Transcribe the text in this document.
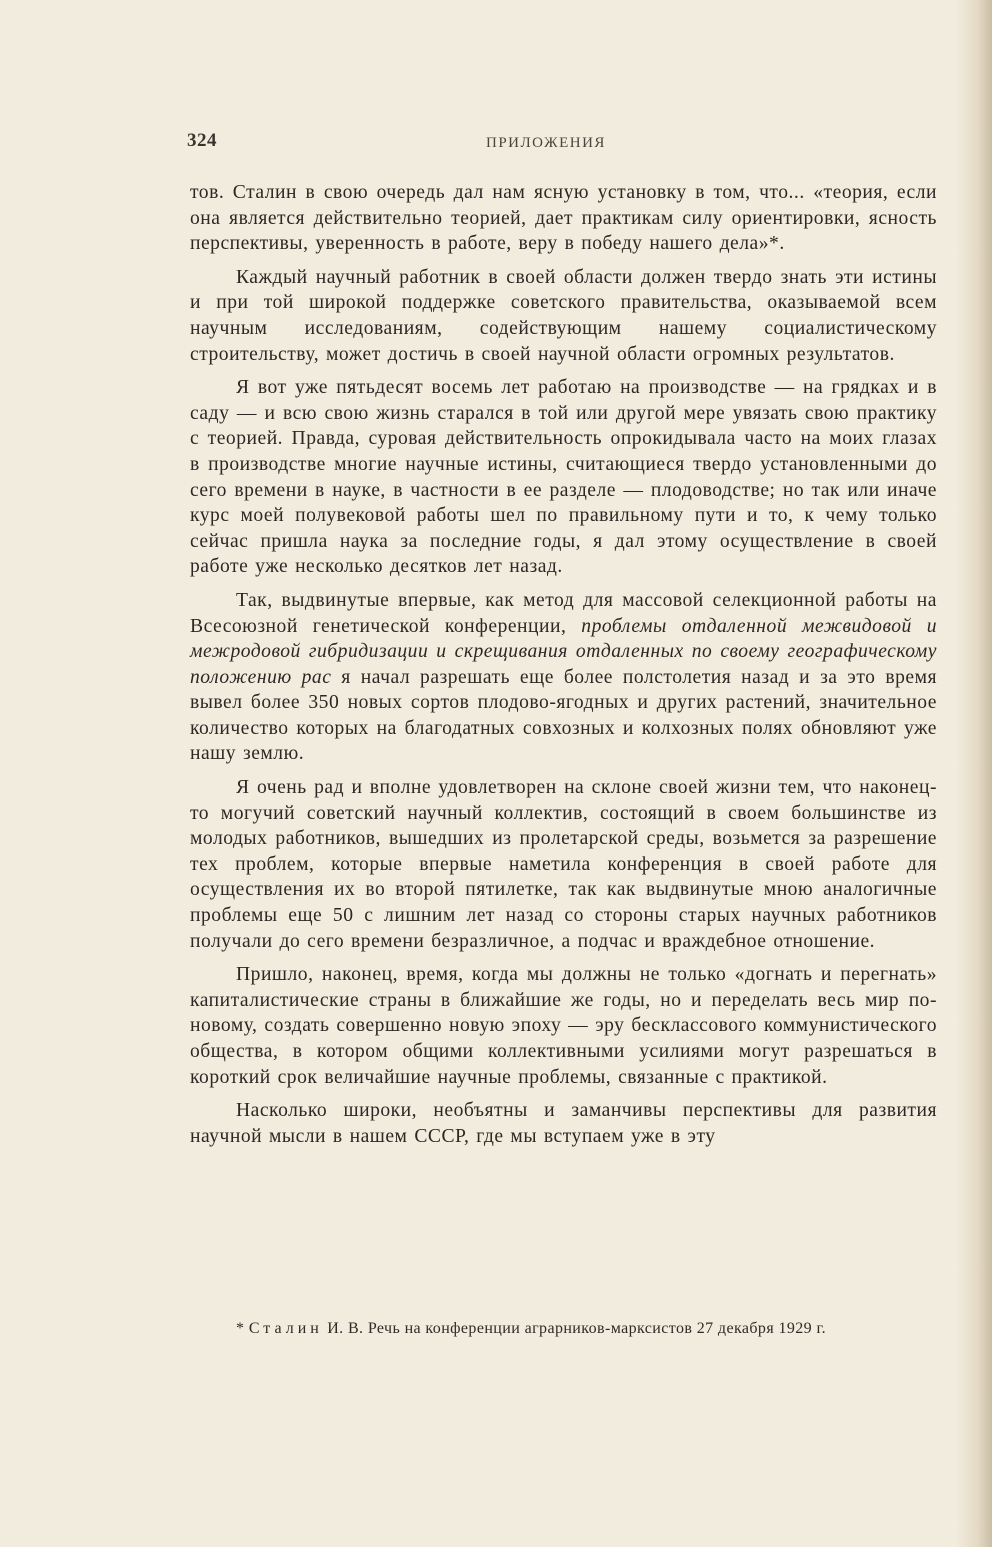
324	ПРИЛОЖЕНИЯ

тов. Сталин в свою очередь дал нам ясную установку в том, что... «теория, если она является действительно теорией, дает практикам силу ориентировки, ясность перспективы, уверенность в работе, веру в победу нашего дела»*.

Каждый научный работник в своей области должен твердо знать эти истины и при той широкой поддержке советского правительства, оказываемой всем научным исследованиям, содействующим нашему социалистическому строительству, может достичь в своей научной области огромных результатов.

Я вот уже пятьдесят восемь лет работаю на производстве — на грядках и в саду — и всю свою жизнь старался в той или другой мере увязать свою практику с теорией. Правда, суровая действительность опрокидывала часто на моих глазах в производстве многие научные истины, считающиеся твердо установленными до сего времени в науке, в частности в ее разделе — плодоводстве; но так или иначе курс моей полувековой работы шел по правильному пути и то, к чему только сейчас пришла наука за последние годы, я дал этому осуществление в своей работе уже несколько десятков лет назад.

Так, выдвинутые впервые, как метод для массовой селекционной работы на Всесоюзной генетической конференции, проблемы отдаленной межвидовой и межродовой гибридизации и скрещивания отдаленных по своему географическому положению рас я начал разрешать еще более полстолетия назад и за это время вывел более 350 новых сортов плодово-ягодных и других растений, значительное количество которых на благодатных совхозных и колхозных полях обновляют уже нашу землю.

Я очень рад и вполне удовлетворен на склоне своей жизни тем, что наконец-то могучий советский научный коллектив, состоящий в своем большинстве из молодых работников, вышедших из пролетарской среды, возьмется за разрешение тех проблем, которые впервые наметила конференция в своей работе для осуществления их во второй пятилетке, так как выдвинутые мною аналогичные проблемы еще 50 с лишним лет назад со стороны старых научных работников получали до сего времени безразличное, а подчас и враждебное отношение.

Пришло, наконец, время, когда мы должны не только «догнать и перегнать» капиталистические страны в ближайшие же годы, но и переделать весь мир по-новому, создать совершенно новую эпоху — эру бесклассового коммунистического общества, в котором общими коллективными усилиями могут разрешаться в короткий срок величайшие научные проблемы, связанные с практикой.

Насколько широки, необъятны и заманчивы перспективы для развития научной мысли в нашем СССР, где мы вступаем уже в эту

* Сталин И. В. Речь на конференции аграрников-марксистов 27 декабря 1929 г.
